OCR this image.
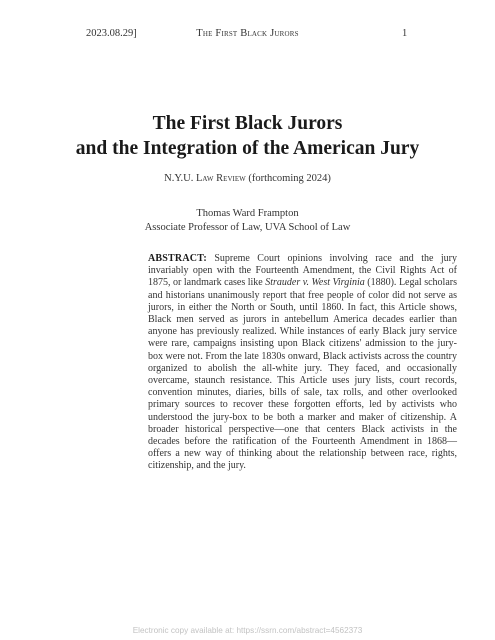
2023.08.29]	The First Black Jurors	1
The First Black Jurors
and the Integration of the American Jury
N.Y.U. Law Review (forthcoming 2024)
Thomas Ward Frampton
Associate Professor of Law, UVA School of Law
ABSTRACT: Supreme Court opinions involving race and the jury invariably open with the Fourteenth Amendment, the Civil Rights Act of 1875, or landmark cases like Strauder v. West Virginia (1880). Legal scholars and historians unanimously report that free people of color did not serve as jurors, in either the North or South, until 1860. In fact, this Article shows, Black men served as jurors in antebellum America decades earlier than anyone has previously realized. While instances of early Black jury service were rare, campaigns insisting upon Black citizens' admission to the jury-box were not. From the late 1830s onward, Black activists across the country organized to abolish the all-white jury. They faced, and occasionally overcame, staunch resistance. This Article uses jury lists, court records, convention minutes, diaries, bills of sale, tax rolls, and other overlooked primary sources to recover these forgotten efforts, led by activists who understood the jury-box to be both a marker and maker of citizenship. A broader historical perspective—one that centers Black activists in the decades before the ratification of the Fourteenth Amendment in 1868—offers a new way of thinking about the relationship between race, rights, citizenship, and the jury.
Electronic copy available at: https://ssrn.com/abstract=4562373
